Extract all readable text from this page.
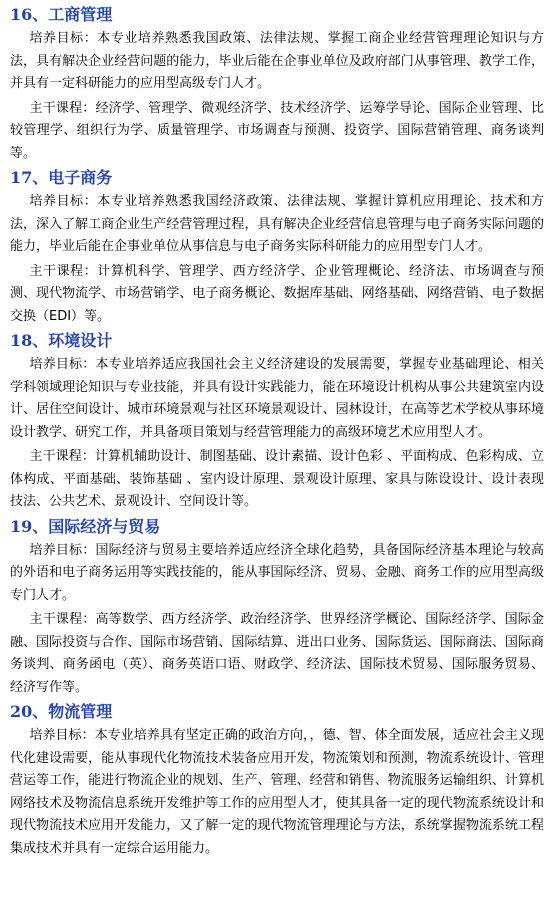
16、工商管理

培养目标：本专业培养熟悉我国政策、法律法规、掌握工商企业经营管理理论知识与方法，具有解决企业经营问题的能力，毕业后能在企事业单位及政府部门从事管理、教学工作，并具有一定科研能力的应用型高级专门人才。

主干课程：经济学、管理学、微观经济学、技术经济学、运筹学导论、国际企业管理、比较管理学、组织行为学、质量管理学、市场调查与预测、投资学、国际营销管理、商务谈判等。

17、电子商务

培养目标：本专业培养熟悉我国经济政策、法律法规、掌握计算机应用理论、技术和方法，深入了解工商企业生产经营管理过程，具有解决企业经营信息管理与电子商务实际问题的能力，毕业后能在企事业单位从事信息与电子商务实际科研能力的应用型专门人才。

主干课程：计算机科学、管理学、西方经济学、企业管理概论、经济法、市场调查与预测、现代物流学、市场营销学、电子商务概论、数据库基础、网络基础、网络营销、电子数据交换（EDI）等。

18、环境设计

培养目标：本专业培养适应我国社会主义经济建设的发展需要，掌握专业基础理论、相关学科领域理论知识与专业技能，并具有设计实践能力，能在环境设计机构从事公共建筑室内设计、居住空间设计、城市环境景观与社区环境景观设计、园林设计，在高等艺术学校从事环境设计教学、研究工作，并具备项目策划与经营管理能力的高级环境艺术应用型人才。

主干课程：计算机辅助设计、制图基础、设计素描、设计色彩 、平面构成、色彩构成、立体构成、平面基础、装饰基础 、室内设计原理、景观设计原理、家具与陈设设计、设计表现技法、公共艺术、景观设计、空间设计等。

19、国际经济与贸易

培养目标：国际经济与贸易主要培养适应经济全球化趋势，具备国际经济基本理论与较高的外语和电子商务运用等实践技能的，能从事国际经济、贸易、金融、商务工作的应用型高级专门人才。

主干课程：高等数学、西方经济学、政治经济学、世界经济学概论、国际经济学、国际金融、国际投资与合作、国际市场营销、国际结算、进出口业务、国际货运、国际商法、国际商务谈判、商务函电（英）、商务英语口语、财政学、经济法、国际技术贸易、国际服务贸易、经济写作等。

20、物流管理

培养目标：本专业培养具有坚定正确的政治方向，，德、智、体全面发展，适应社会主义现代化建设需要，能从事现代化物流技术装备应用开发，物流策划和预测，物流系统设计、管理营运等工作，能进行物流企业的规划、生产、管理、经营和销售、物流服务运输组织、计算机网络技术及物流信息系统开发维护等工作的应用型人才，使其具备一定的现代物流系统设计和现代物流技术应用开发能力，又了解一定的现代物流管理理论与方法，系统掌握物流系统工程集成技术并具有一定综合运用能力。
